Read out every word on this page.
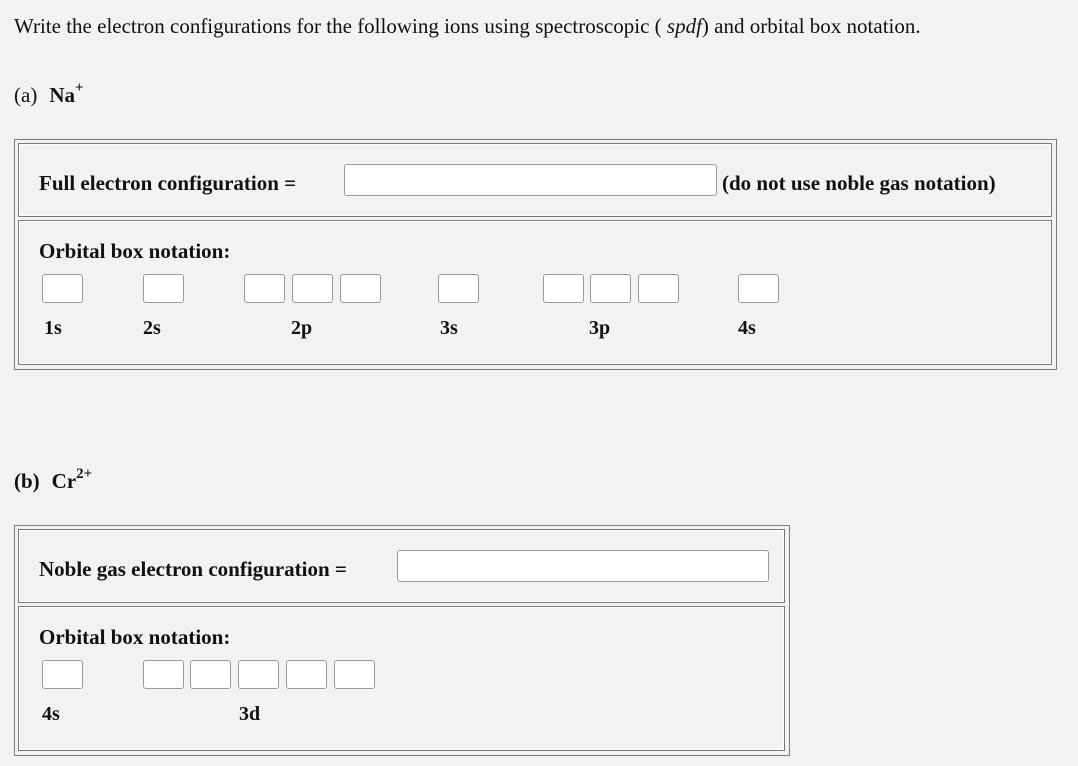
Write the electron configurations for the following ions using spectroscopic ( spdf) and orbital box notation.
(a) Na+
Full electron configuration =	(do not use noble gas notation)
Orbital box notation:
1s	2s	2p	3s	3p	4s
(b) $Cr^{2+}$
Noble gas electron configuration =
Orbital box notation:
4s	3d
